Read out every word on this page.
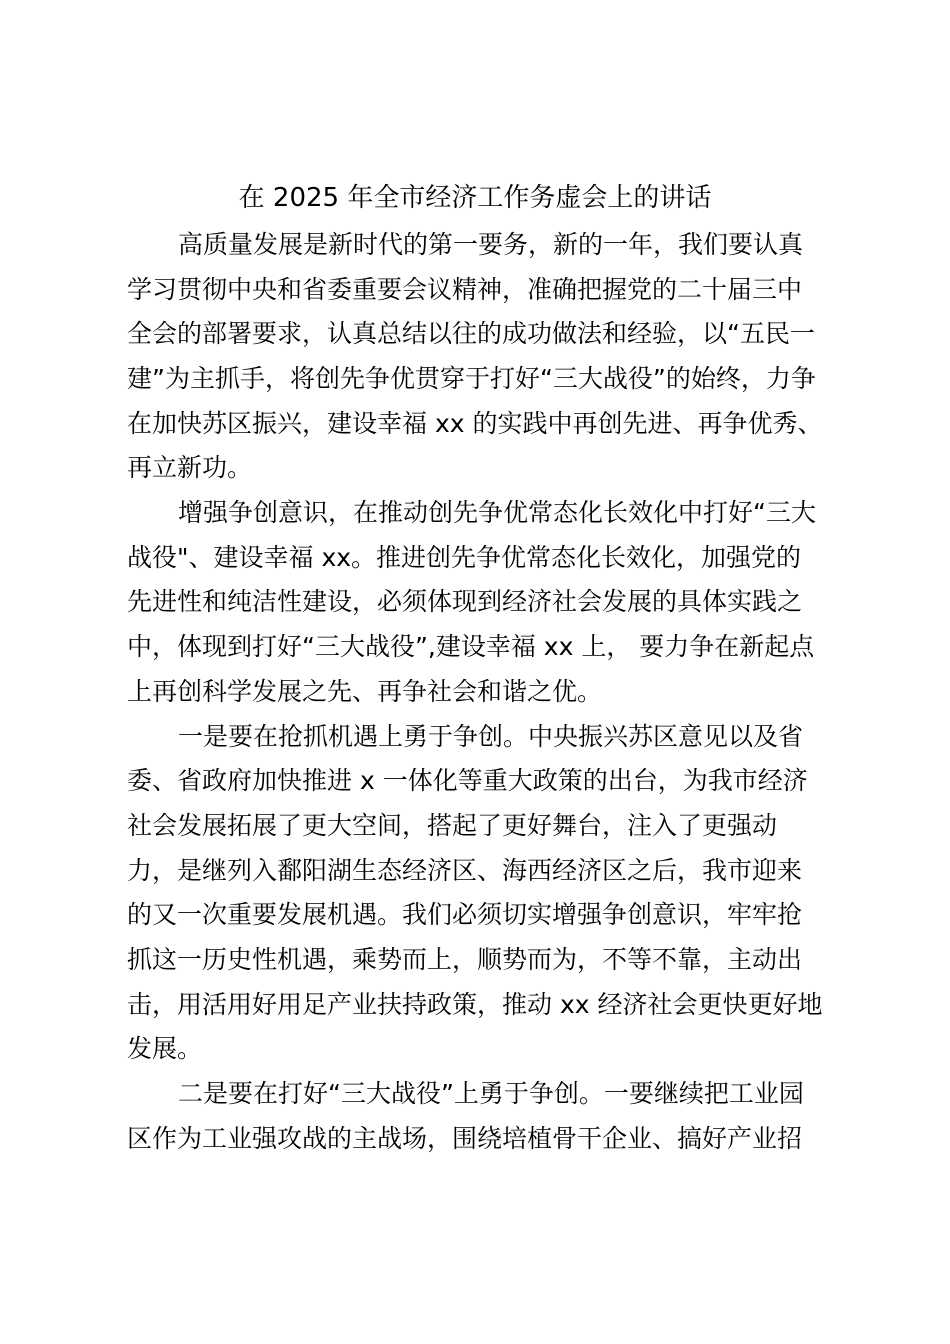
在 2025 年全市经济工作务虚会上的讲话
高质量发展是新时代的第一要务，新的一年，我们要认真
学习贯彻中央和省委重要会议精神，准确把握党的二十届三中
全会的部署要求，认真总结以往的成功做法和经验，以“五民一
建”为主抓手，将创先争优贯穿于打好“三大战役”的始终，力争
在加快苏区振兴，建设幸福 xx 的实践中再创先进、再争优秀、
再立新功。
增强争创意识，在推动创先争优常态化长效化中打好“三大
战役"、建设幸福 xx。推进创先争优常态化长效化，加强党的
先进性和纯洁性建设，必须体现到经济社会发展的具体实践之
中，体现到打好“三大战役”,建设幸福 xx 上， 要力争在新起点
上再创科学发展之先、再争社会和谐之优。
一是要在抢抓机遇上勇于争创。中央振兴苏区意见以及省
委、省政府加快推进 x 一体化等重大政策的出台，为我市经济
社会发展拓展了更大空间，搭起了更好舞台，注入了更强动
力，是继列入鄱阳湖生态经济区、海西经济区之后，我市迎来
的又一次重要发展机遇。我们必须切实增强争创意识，牢牢抢
抓这一历史性机遇，乘势而上，顺势而为，不等不靠，主动出
击，用活用好用足产业扶持政策，推动 xx 经济社会更快更好地
发展。
二是要在打好“三大战役”上勇于争创。一要继续把工业园
区作为工业强攻战的主战场，围绕培植骨干企业、搞好产业招
